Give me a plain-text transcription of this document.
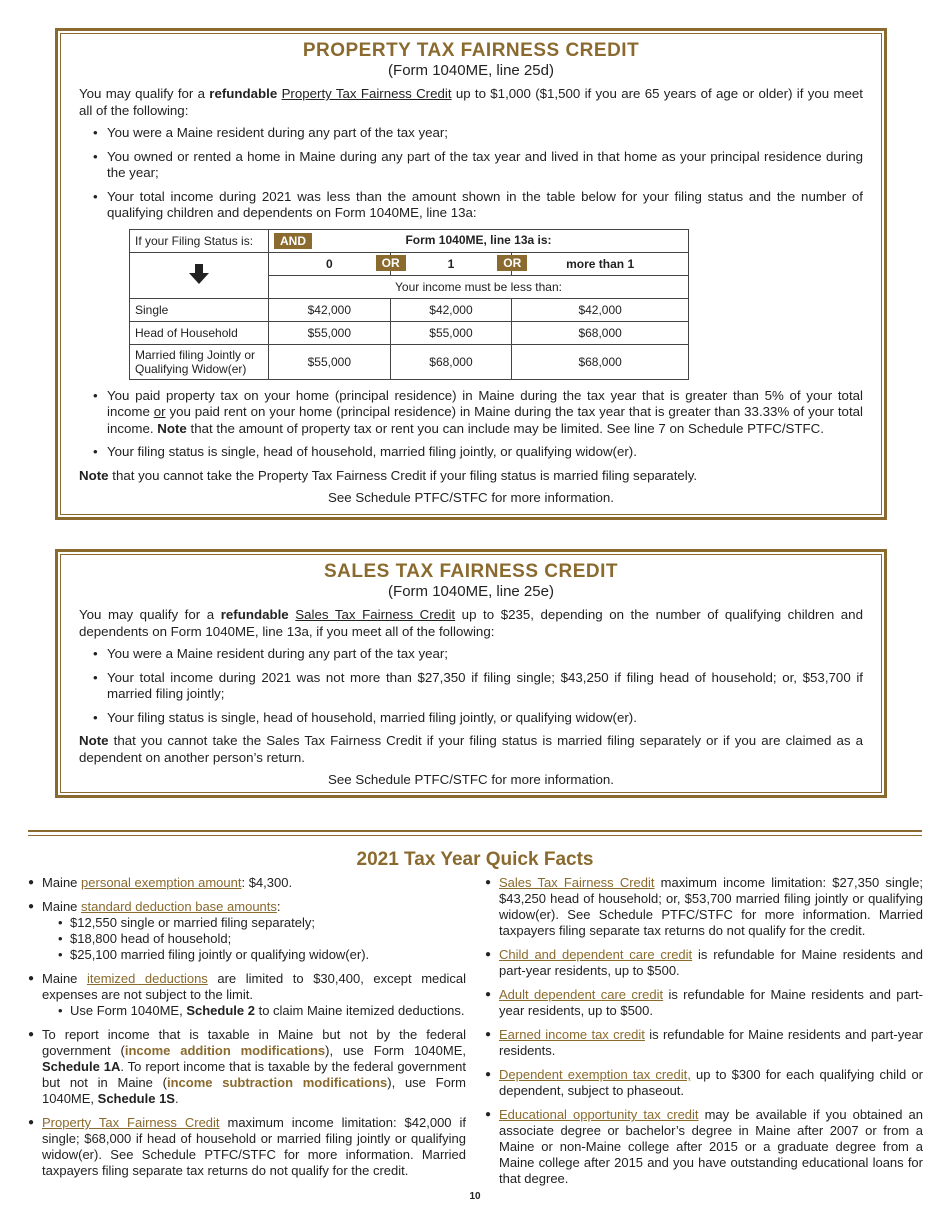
PROPERTY TAX FAIRNESS CREDIT

(Form 1040ME, line 25d)

You may qualify for a refundable Property Tax Fairness Credit up to $1,000 ($1,500 if you are 65 years of age or older) if you meet all of the following:

• You were a Maine resident during any part of the tax year;
• You owned or rented a home in Maine during any part of the tax year and lived in that home as your principal residence during the year;
• Your total income during 2021 was less than the amount shown in the table below for your filing status and the number of qualifying children and dependents on Form 1040ME, line 13a:
If your Filing Status is:	AND Form 1040ME, line 13a is:		

	0 OR	1 OR	more than 1
	Your income must be less than:		
Single	$42,000	$42,000	$42,000
Head of Household	$55,000	$55,000	$68,000
Married filing Jointly or Qualifying Widow(er)	$55,000	$68,000	$68,000
• You paid property tax on your home (principal residence) in Maine during the tax year that is greater than 5% of your total income or you paid rent on your home (principal residence) in Maine during the tax year that is greater than 33.33% of your total income. Note that the amount of property tax or rent you can include may be limited. See line 7 on Schedule PTFC/STFC.
• Your filing status is single, head of household, married filing jointly, or qualifying widow(er).

Note that you cannot take the Property Tax Fairness Credit if your filing status is married filing separately.

See Schedule PTFC/STFC for more information.

SALES TAX FAIRNESS CREDIT

(Form 1040ME, line 25e)

You may qualify for a refundable Sales Tax Fairness Credit up to $235, depending on the number of qualifying children and dependents on Form 1040ME, line 13a, if you meet all of the following:

• You were a Maine resident during any part of the tax year;
• Your total income during 2021 was not more than $27,350 if filing single; $43,250 if filing head of household; or, $53,700 if married filing jointly;
• Your filing status is single, head of household, married filing jointly, or qualifying widow(er).

Note that you cannot take the Sales Tax Fairness Credit if your filing status is married filing separately or if you are claimed as a dependent on another person’s return.

See Schedule PTFC/STFC for more information.

2021 Tax Year Quick Facts
● Maine personal exemption amount: $4,300.
● Maine standard deduction base amounts:
• $12,550 single or married filing separately;
• $18,800 head of household;
• $25,100 married filing jointly or qualifying widow(er).
● Maine itemized deductions are limited to $30,400, except medical expenses are not subject to the limit.
• Use Form 1040ME, Schedule 2 to claim Maine itemized deductions.
● To report income that is taxable in Maine but not by the federal government (income addition modifications), use Form 1040ME, Schedule 1A. To report income that is taxable by the federal government but not in Maine (income subtraction modifications), use Form 1040ME, Schedule 1S.
● Property Tax Fairness Credit maximum income limitation: $42,000 if single; $68,000 if head of household or married filing jointly or qualifying widow(er). See Schedule PTFC/STFC for more information. Married taxpayers filing separate tax returns do not qualify for the credit.
● Sales Tax Fairness Credit maximum income limitation: $27,350 single; $43,250 head of household; or, $53,700 married filing jointly or qualifying widow(er). See Schedule PTFC/STFC for more information. Married taxpayers filing separate tax returns do not qualify for the credit.
● Child and dependent care credit is refundable for Maine residents and part-year residents, up to $500.
● Adult dependent care credit is refundable for Maine residents and part-year residents, up to $500.
● Earned income tax credit is refundable for Maine residents and part-year residents.
● Dependent exemption tax credit, up to $300 for each qualifying child or dependent, subject to phaseout.
● Educational opportunity tax credit may be available if you obtained an associate degree or bachelor’s degree in Maine after 2007 or from a Maine or non-Maine college after 2015 or a graduate degree from a Maine college after 2015 and you have outstanding educational loans for that degree.
10
